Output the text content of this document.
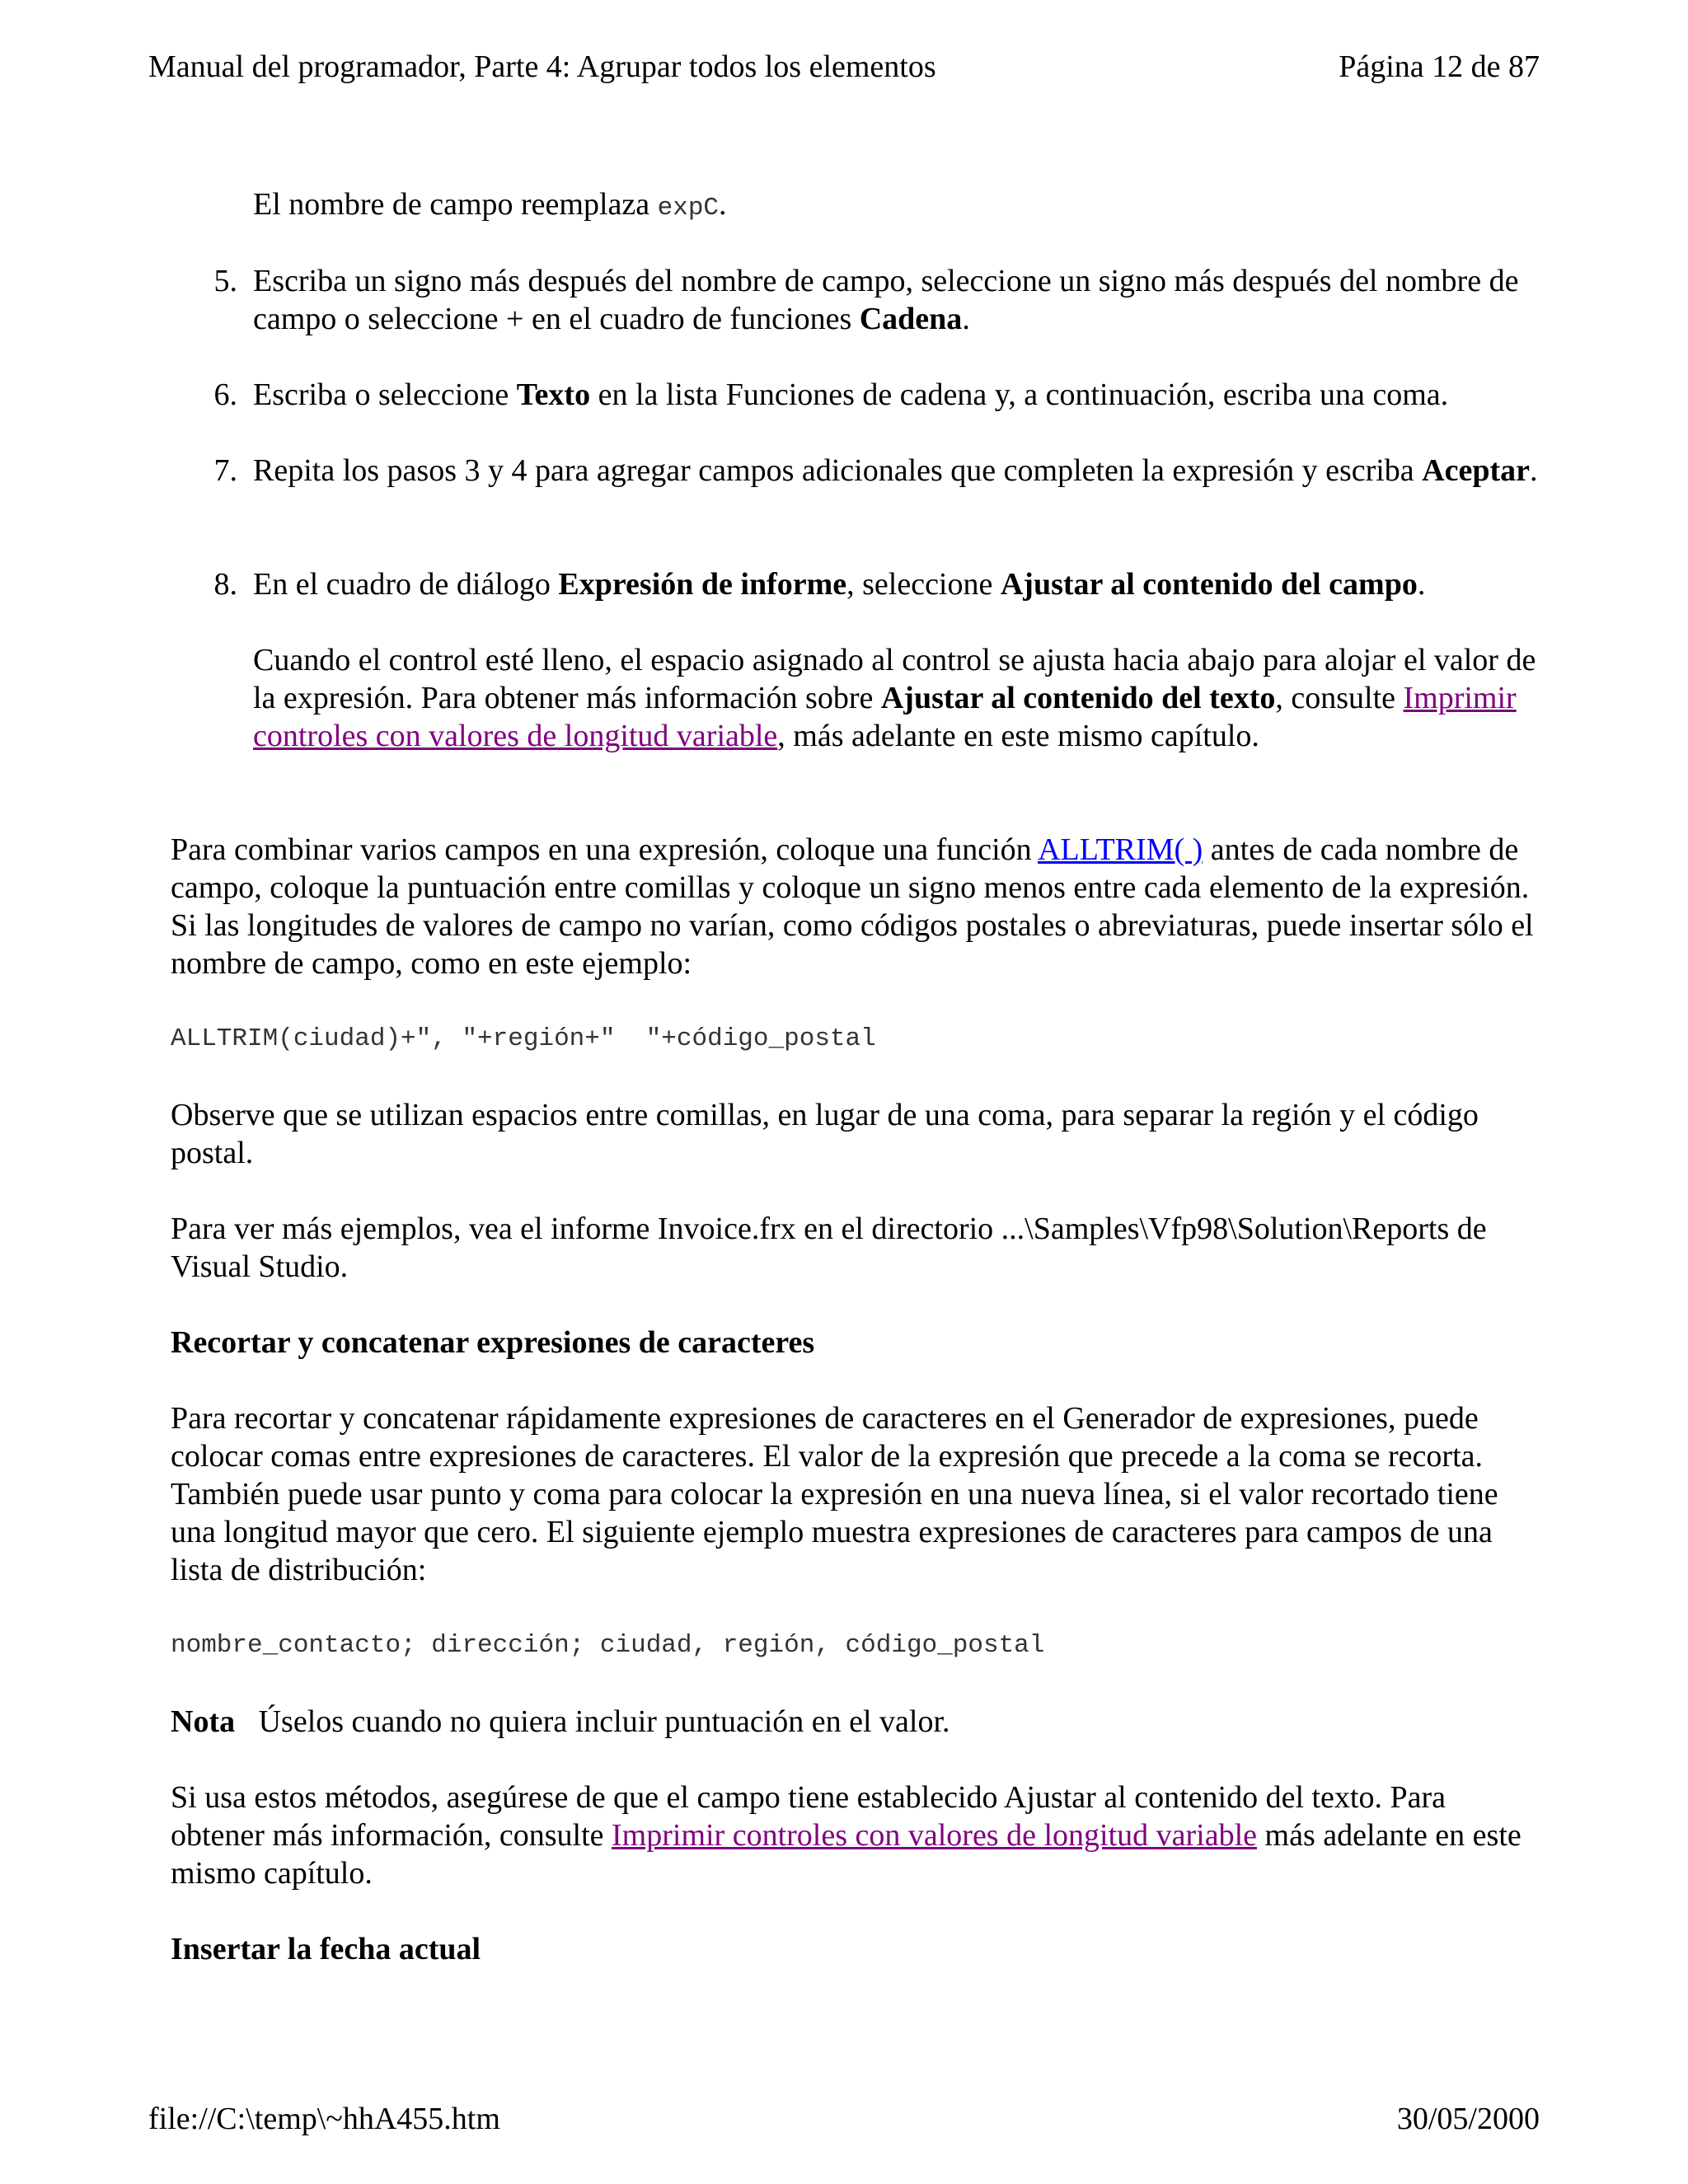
Manual del programador, Parte 4: Agrupar todos los elementos	Página 12 de 87

El nombre de campo reemplaza expC.

5. Escriba un signo más después del nombre de campo, seleccione un signo más después del nombre de campo o seleccione + en el cuadro de funciones Cadena.

6. Escriba o seleccione Texto en la lista Funciones de cadena y, a continuación, escriba una coma.

7. Repita los pasos 3 y 4 para agregar campos adicionales que completen la expresión y escriba Aceptar.

8. En el cuadro de diálogo Expresión de informe, seleccione Ajustar al contenido del campo.

Cuando el control esté lleno, el espacio asignado al control se ajusta hacia abajo para alojar el valor de la expresión. Para obtener más información sobre Ajustar al contenido del texto, consulte Imprimir controles con valores de longitud variable, más adelante en este mismo capítulo.

Para combinar varios campos en una expresión, coloque una función ALLTRIM( ) antes de cada nombre de campo, coloque la puntuación entre comillas y coloque un signo menos entre cada elemento de la expresión. Si las longitudes de valores de campo no varían, como códigos postales o abreviaturas, puede insertar sólo el nombre de campo, como en este ejemplo:

ALLTRIM(ciudad)+", "+región+"  "+código_postal

Observe que se utilizan espacios entre comillas, en lugar de una coma, para separar la región y el código postal.

Para ver más ejemplos, vea el informe Invoice.frx en el directorio ...\Samples\Vfp98\Solution\Reports de Visual Studio.

Recortar y concatenar expresiones de caracteres

Para recortar y concatenar rápidamente expresiones de caracteres en el Generador de expresiones, puede colocar comas entre expresiones de caracteres. El valor de la expresión que precede a la coma se recorta. También puede usar punto y coma para colocar la expresión en una nueva línea, si el valor recortado tiene una longitud mayor que cero. El siguiente ejemplo muestra expresiones de caracteres para campos de una lista de distribución:

nombre_contacto; dirección; ciudad, región, código_postal

Nota Úselos cuando no quiera incluir puntuación en el valor.

Si usa estos métodos, asegúrese de que el campo tiene establecido Ajustar al contenido del texto. Para obtener más información, consulte Imprimir controles con valores de longitud variable más adelante en este mismo capítulo.

Insertar la fecha actual

file://C:\temp\~hhA455.htm	30/05/2000
